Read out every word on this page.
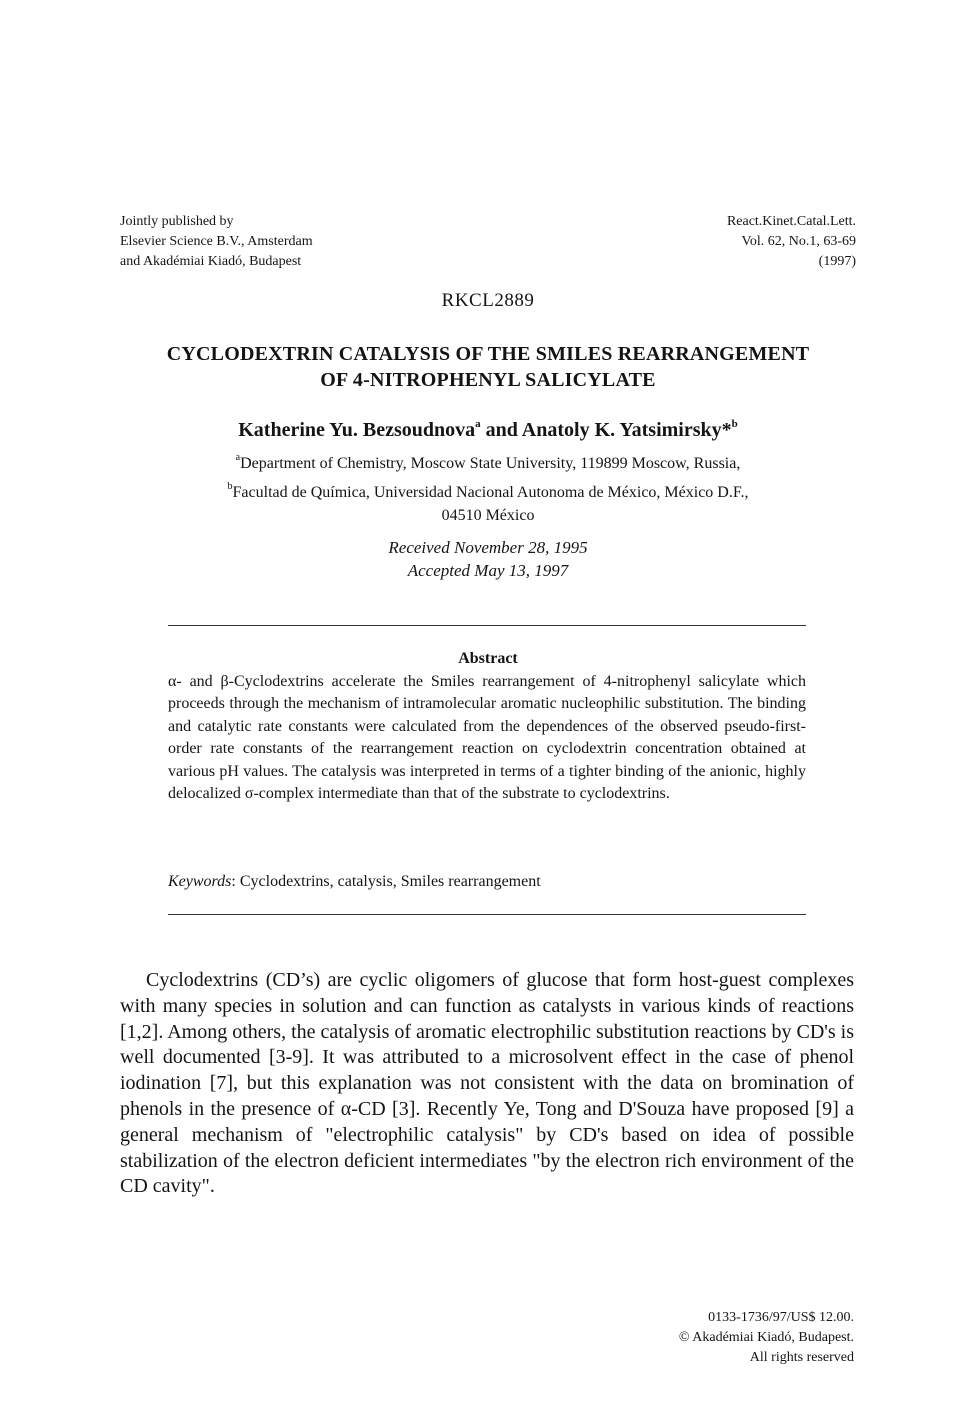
Jointly published by
Elsevier Science B.V., Amsterdam
and Akadémiai Kiadó, Budapest
React.Kinet.Catal.Lett.
Vol. 62, No.1, 63-69
(1997)
RKCL2889
CYCLODEXTRIN CATALYSIS OF THE SMILES REARRANGEMENT
OF 4-NITROPHENYL SALICYLATE
Katherine Yu. Bezsoudnova$^a$ and Anatoly K. Yatsimirsky*$^b$
$^a$Department of Chemistry, Moscow State University, 119899 Moscow, Russia,
$^b$Facultad de Química, Universidad Nacional Autonoma de México, México D.F.,
04510 México
Received November 28, 1995
Accepted May 13, 1997
Abstract
α- and β-Cyclodextrins accelerate the Smiles rearrangement of 4-nitrophenyl salicylate which proceeds through the mechanism of intramolecular aromatic nucleophilic substitution. The binding and catalytic rate constants were calculated from the dependences of the observed pseudo-first-order rate constants of the rearrangement reaction on cyclodextrin concentration obtained at various pH values. The catalysis was interpreted in terms of a tighter binding of the anionic, highly delocalized σ-complex intermediate than that of the substrate to cyclodextrins.
Keywords: Cyclodextrins, catalysis, Smiles rearrangement
Cyclodextrins (CD’s) are cyclic oligomers of glucose that form host-guest complexes with many species in solution and can function as catalysts in various kinds of reactions [1,2]. Among others, the catalysis of aromatic electrophilic substitution reactions by CD's is well documented [3-9]. It was attributed to a microsolvent effect in the case of phenol iodination [7], but this explanation was not consistent with the data on bromination of phenols in the presence of α-CD [3]. Recently Ye, Tong and D'Souza have proposed [9] a general mechanism of "electrophilic catalysis" by CD's based on idea of possible stabilization of the electron deficient intermediates "by the electron rich environment of the CD cavity".
0133-1736/97/US$ 12.00.
© Akadémiai Kiadó, Budapest.
All rights reserved
